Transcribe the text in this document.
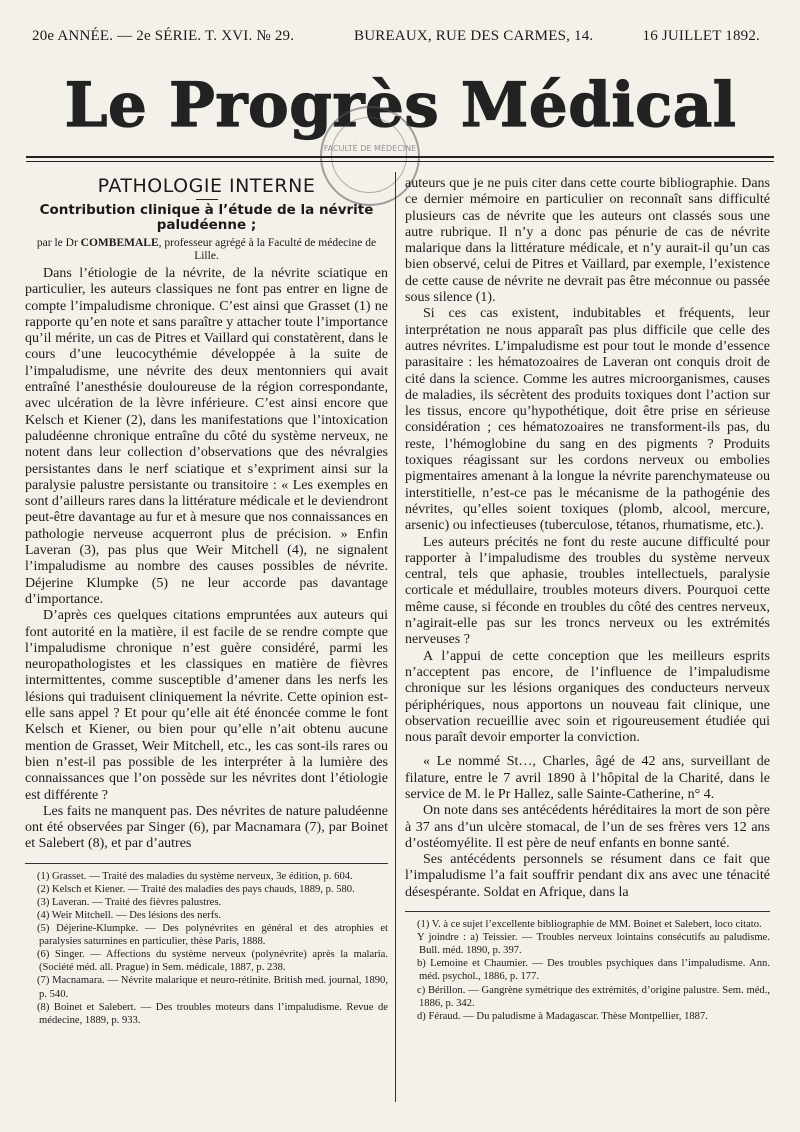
20e ANNÉE. — 2e SÉRIE. T. XVI. № 29.	BUREAUX, RUE DES CARMES, 14.	16 JUILLET 1892.
Le Progrès Médical
FACULTÉ DE MÉDECINE
PATHOLOGIE INTERNE
Contribution clinique à l’étude de la névrite paludéenne ;
par le Dr COMBEMALE, professeur agrégé à la Faculté de médecine de Lille.

Dans l’étiologie de la névrite, de la névrite sciatique en particulier, les auteurs classiques ne font pas entrer en ligne de compte l’impaludisme chronique. C’est ainsi que Grasset (1) ne rapporte qu’en note et sans paraître y attacher toute l’importance qu’il mérite, un cas de Pitres et Vaillard qui constatèrent, dans le cours d’une leucocythémie développée à la suite de l’impaludisme, une névrite des deux mentonniers qui avait entraîné l’anesthésie douloureuse de la région correspondante, avec ulcération de la lèvre inférieure. C’est ainsi encore que Kelsch et Kiener (2), dans les manifestations que l’intoxication paludéenne chronique entraîne du côté du système nerveux, ne notent dans leur collection d’observations que des névralgies persistantes dans le nerf sciatique et s’expriment ainsi sur la paralysie palustre persistante ou transitoire : « Les exemples en sont d’ailleurs rares dans la littérature médicale et le deviendront peut-être davantage au fur et à mesure que nos connaissances en pathologie nerveuse acquerront plus de précision. » Enfin Laveran (3), pas plus que Weir Mitchell (4), ne signalent l’impaludisme au nombre des causes possibles de névrite. Déjerine Klumpke (5) ne leur accorde pas davantage d’importance.

D’après ces quelques citations empruntées aux auteurs qui font autorité en la matière, il est facile de se rendre compte que l’impaludisme chronique n’est guère considéré, parmi les neuropathologistes et les classiques en matière de fièvres intermittentes, comme susceptible d’amener dans les nerfs les lésions qui traduisent cliniquement la névrite. Cette opinion est-elle sans appel ? Et pour qu’elle ait été énoncée comme le font Kelsch et Kiener, ou bien pour qu’elle n’ait obtenu aucune mention de Grasset, Weir Mitchell, etc., les cas sont-ils rares ou bien n’est-il pas possible de les interpréter à la lumière des connaissances que l’on possède sur les névrites dont l’étiologie est différente ?

Les faits ne manquent pas. Des névrites de nature paludéenne ont été observées par Singer (6), par Macnamara (7), par Boinet et Salebert (8), et par d’autres

(1) Grasset. — Traité des maladies du système nerveux, 3e édition, p. 604.

(2) Kelsch et Kiener. — Traité des maladies des pays chauds, 1889, p. 580.

(3) Laveran. — Traité des fièvres palustres.

(4) Weir Mitchell. — Des lésions des nerfs.

(5) Déjerine-Klumpke. — Des polynévrites en général et des atrophies et paralysies saturnines en particulier, thèse Paris, 1888.

(6) Singer. — Affections du système nerveux (polynévrite) après la malaria. (Société méd. all. Prague) in Sem. médicale, 1887, p. 238.

(7) Macnamara. — Névrite malarique et neuro-rétinite. British med. journal, 1890, p. 540.

(8) Boinet et Salebert. — Des troubles moteurs dans l’impaludisme. Revue de médecine, 1889, p. 933.

auteurs que je ne puis citer dans cette courte bibliographie. Dans ce dernier mémoire en particulier on reconnaît sans difficulté plusieurs cas de névrite que les auteurs ont classés sous une autre rubrique. Il n’y a donc pas pénurie de cas de névrite malarique dans la littérature médicale, et n’y aurait-il qu’un cas bien observé, celui de Pitres et Vaillard, par exemple, l’existence de cette cause de névrite ne devrait pas être méconnue ou passée sous silence (1).

Si ces cas existent, indubitables et fréquents, leur interprétation ne nous apparaît pas plus difficile que celle des autres névrites. L’impaludisme est pour tout le monde d’essence parasitaire : les hématozoaires de Laveran ont conquis droit de cité dans la science. Comme les autres microorganismes, causes de maladies, ils sécrètent des produits toxiques dont l’action sur les tissus, encore qu’hypothétique, doit être prise en sérieuse considération ; ces hématozoaires ne transforment-ils pas, du reste, l’hémoglobine du sang en des pigments ? Produits toxiques réagissant sur les cordons nerveux ou embolies pigmentaires amenant à la longue la névrite parenchymateuse ou interstitielle, n’est-ce pas le mécanisme de la pathogénie des névrites, qu’elles soient toxiques (plomb, alcool, mercure, arsenic) ou infectieuses (tuberculose, tétanos, rhumatisme, etc.).

Les auteurs précités ne font du reste aucune difficulté pour rapporter à l’impaludisme des troubles du système nerveux central, tels que aphasie, troubles intellectuels, paralysie corticale et médullaire, troubles moteurs divers. Pourquoi cette même cause, si féconde en troubles du côté des centres nerveux, n’agirait-elle pas sur les troncs nerveux ou les extrémités nerveuses ?

A l’appui de cette conception que les meilleurs esprits n’acceptent pas encore, de l’influence de l’impaludisme chronique sur les lésions organiques des conducteurs nerveux périphériques, nous apportons un nouveau fait clinique, une observation recueillie avec soin et rigoureusement étudiée qui nous paraît devoir emporter la conviction.

« Le nommé St…, Charles, âgé de 42 ans, surveillant de filature, entre le 7 avril 1890 à l’hôpital de la Charité, dans le service de M. le Pr Hallez, salle Sainte-Catherine, n° 4.

On note dans ses antécédents héréditaires la mort de son père à 37 ans d’un ulcère stomacal, de l’un de ses frères vers 12 ans d’ostéomyélite. Il est père de neuf enfants en bonne santé.

Ses antécédents personnels se résument dans ce fait que l’impaludisme l’a fait souffrir pendant dix ans avec une ténacité désespérante. Soldat en Afrique, dans la

(1) V. à ce sujet l’excellente bibliographie de MM. Boinet et Salebert, loco citato.

Y joindre : a) Teissier. — Troubles nerveux lointains consécutifs au paludisme. Bull. méd. 1890, p. 397.

b) Lemoine et Chaumier. — Des troubles psychiques dans l’impaludisme. Ann. méd. psychol., 1886, p. 177.

c) Bérillon. — Gangrène symétrique des extrémités, d’origine palustre. Sem. méd., 1886, p. 342.

d) Féraud. — Du paludisme à Madagascar. Thèse Montpellier, 1887.
